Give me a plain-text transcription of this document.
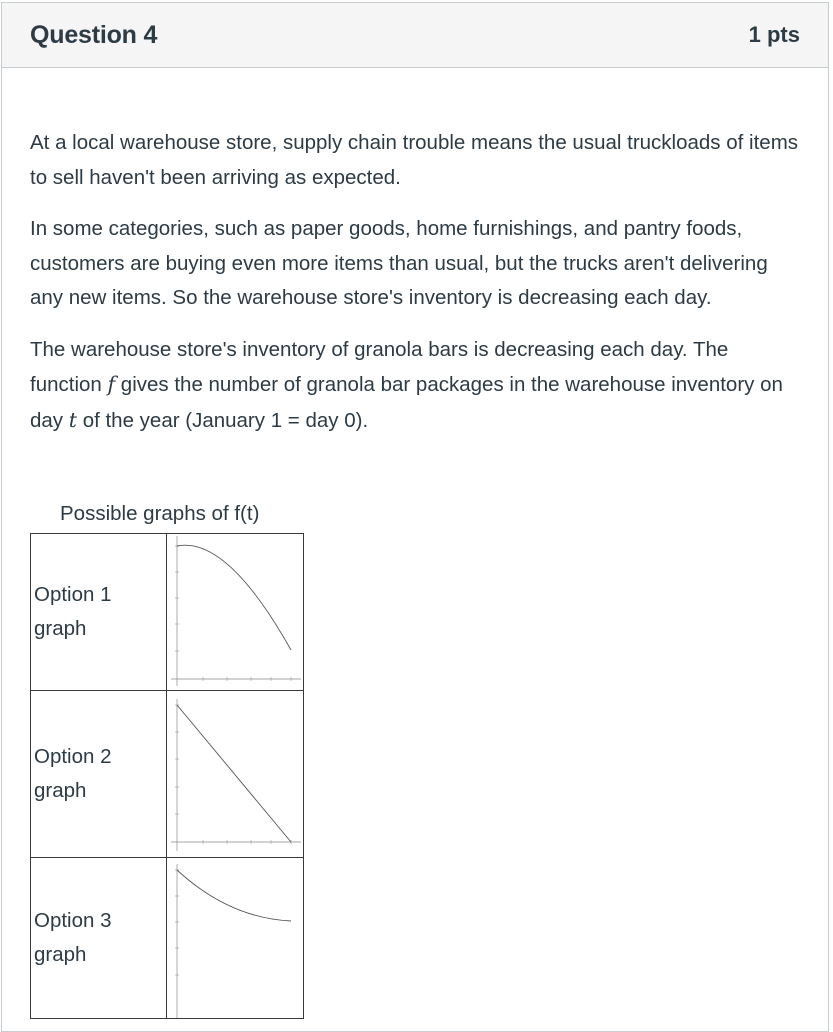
Question 4	1 pts

At a local warehouse store, supply chain trouble means the usual truckloads of items to sell haven't been arriving as expected.

In some categories, such as paper goods, home furnishings, and pantry foods, customers are buying even more items than usual, but the trucks aren't delivering any new items. So the warehouse store's inventory is decreasing each day.

The warehouse store's inventory of granola bars is decreasing each day. The function f gives the number of granola bar packages in the warehouse inventory on day t of the year (January 1 = day 0).

Possible graphs of f(t)
Option 1 graph	

Option 2 graph	

Option 3 graph	
